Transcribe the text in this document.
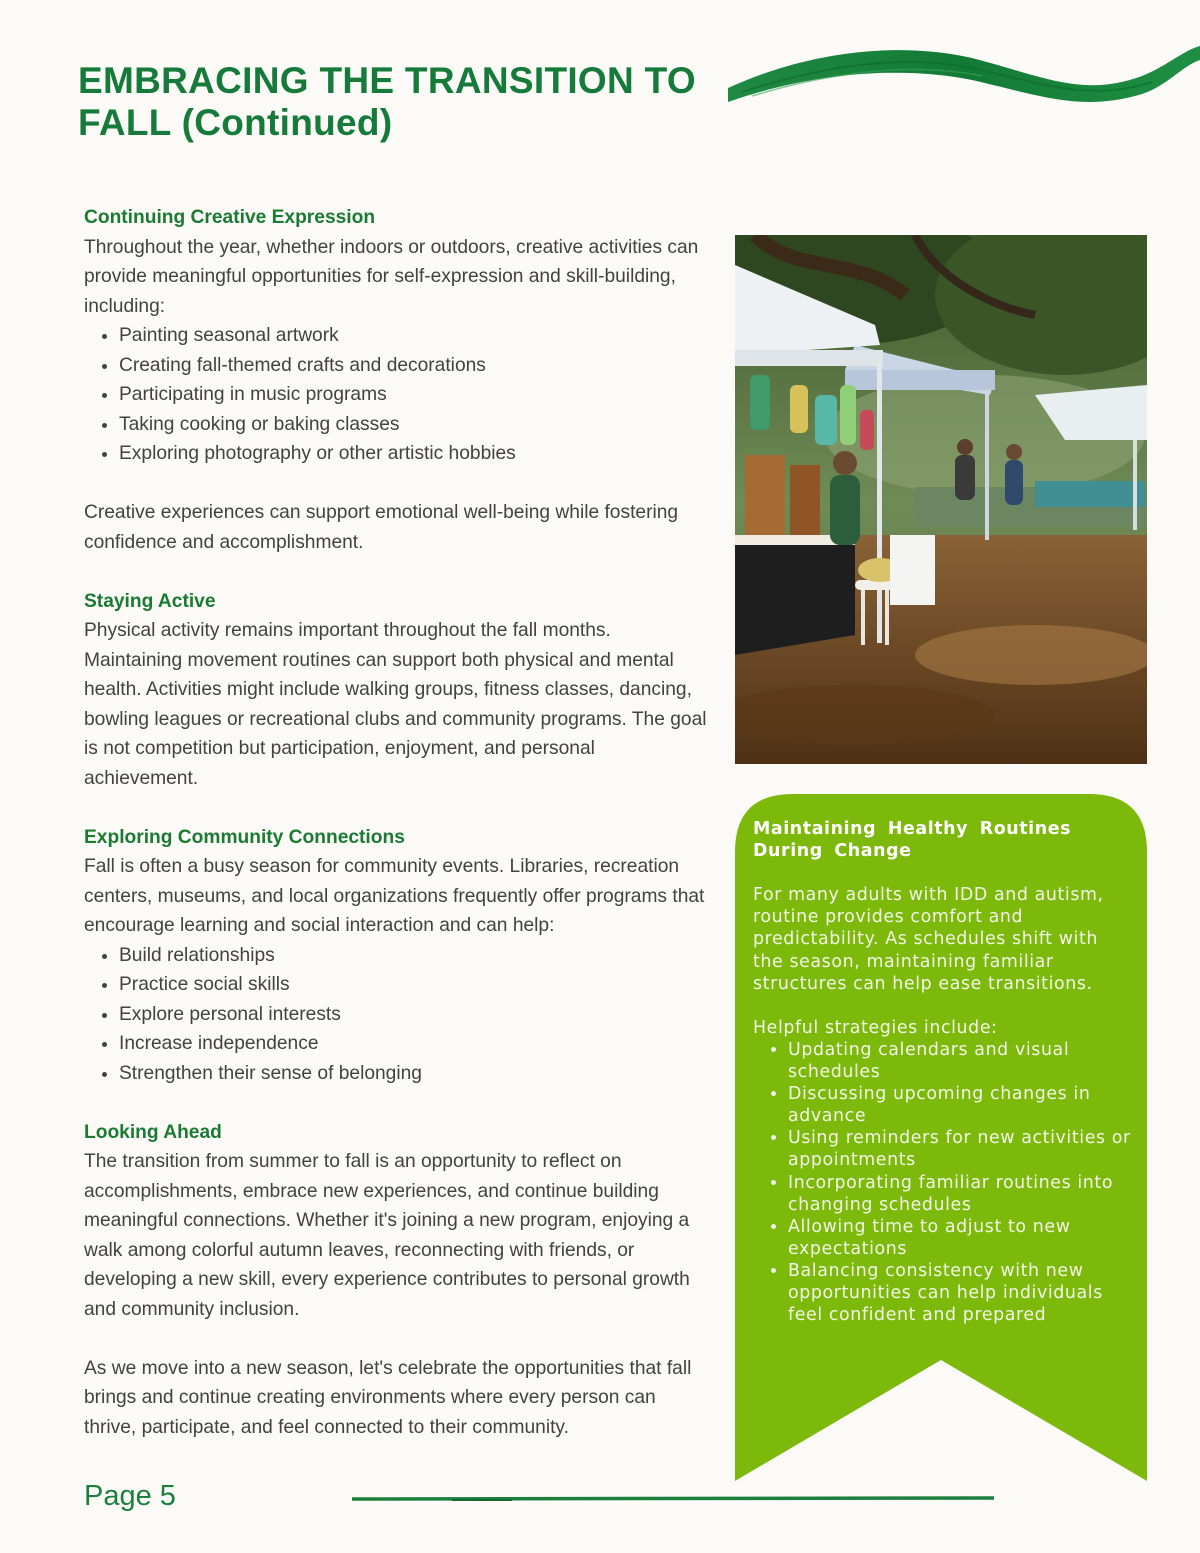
EMBRACING THE TRANSITION TO
FALL (Continued)
Continuing Creative Expression

Throughout the year, whether indoors or outdoors, creative activities can provide meaningful opportunities for self-expression and skill-building, including:

• Painting seasonal artwork
• Creating fall-themed crafts and decorations
• Participating in music programs
• Taking cooking or baking classes
• Exploring photography or other artistic hobbies

Creative experiences can support emotional well-being while fostering confidence and accomplishment.

Staying Active

Physical activity remains important throughout the fall months. Maintaining movement routines can support both physical and mental health. Activities might include walking groups, fitness classes, dancing, bowling leagues or recreational clubs and community programs. The goal is not competition but participation, enjoyment, and personal achievement.

Exploring Community Connections

Fall is often a busy season for community events. Libraries, recreation centers, museums, and local organizations frequently offer programs that encourage learning and social interaction and can help:

• Build relationships
• Practice social skills
• Explore personal interests
• Increase independence
• Strengthen their sense of belonging
Looking Ahead

The transition from summer to fall is an opportunity to reflect on accomplishments, embrace new experiences, and continue building meaningful connections. Whether it's joining a new program, enjoying a walk among colorful autumn leaves, reconnecting with friends, or developing a new skill, every experience contributes to personal growth and community inclusion.

As we move into a new season, let's celebrate the opportunities that fall brings and continue creating environments where every person can thrive, participate, and feel connected to their community.

Maintaining Healthy Routines During Change

For many adults with IDD and autism, routine provides comfort and predictability. As schedules shift with the season, maintaining familiar structures can help ease transitions.

Helpful strategies include:

• Updating calendars and visual schedules
• Discussing upcoming changes in advance
• Using reminders for new activities or appointments
• Incorporating familiar routines into changing schedules
• Allowing time to adjust to new expectations
• Balancing consistency with new opportunities can help individuals feel confident and prepared
Page 5
